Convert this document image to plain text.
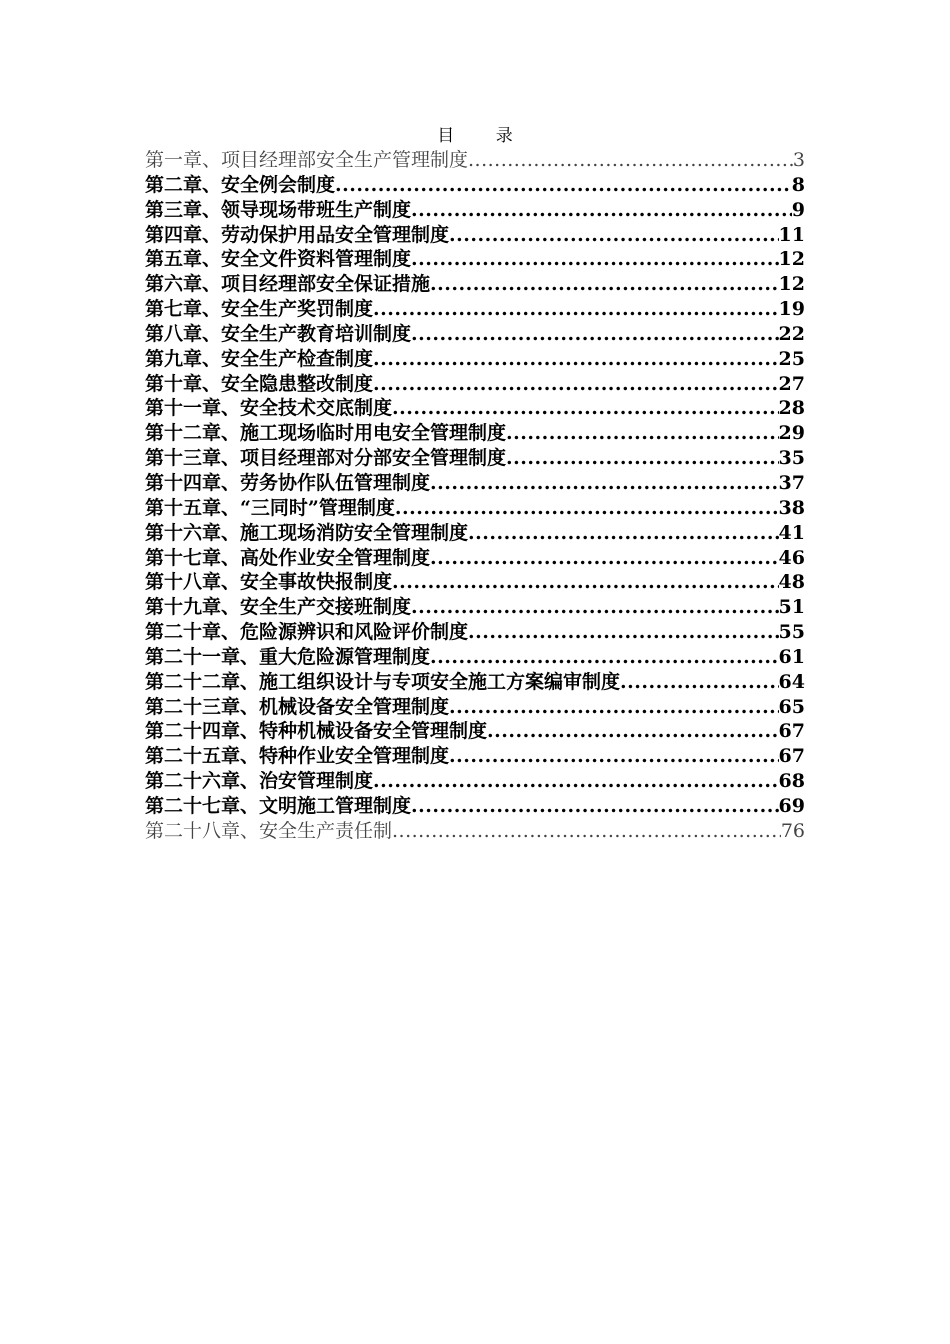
目 录
第一章、项目经理部安全生产管理制度 .....	3
第二章、安全例会制度 .....	8
第三章、领导现场带班生产制度 .....	9
第四章、劳动保护用品安全管理制度 .....	11
第五章、安全文件资料管理制度 .....	12
第六章、项目经理部安全保证措施 .....	12
第七章、安全生产奖罚制度 .....	19
第八章、安全生产教育培训制度 .....	22
第九章、安全生产检查制度 .....	25
第十章、安全隐患整改制度 .....	27
第十一章、安全技术交底制度 .....	28
第十二章、施工现场临时用电安全管理制度 .....	29
第十三章、项目经理部对分部安全管理制度 .....	35
第十四章、劳务协作队伍管理制度 .....	37
第十五章、“三同时”管理制度 .....	38
第十六章、施工现场消防安全管理制度 .....	41
第十七章、高处作业安全管理制度 .....	46
第十八章、安全事故快报制度 .....	48
第十九章、安全生产交接班制度 .....	51
第二十章、危险源辨识和风险评价制度 .....	55
第二十一章、重大危险源管理制度 .....	61
第二十二章、施工组织设计与专项安全施工方案编审制度 .....	64
第二十三章、机械设备安全管理制度 .....	65
第二十四章、特种机械设备安全管理制度 .....	67
第二十五章、特种作业安全管理制度 .....	67
第二十六章、治安管理制度 .....	68
第二十七章、文明施工管理制度 .....	69
第二十八章、安全生产责任制 .....	76
